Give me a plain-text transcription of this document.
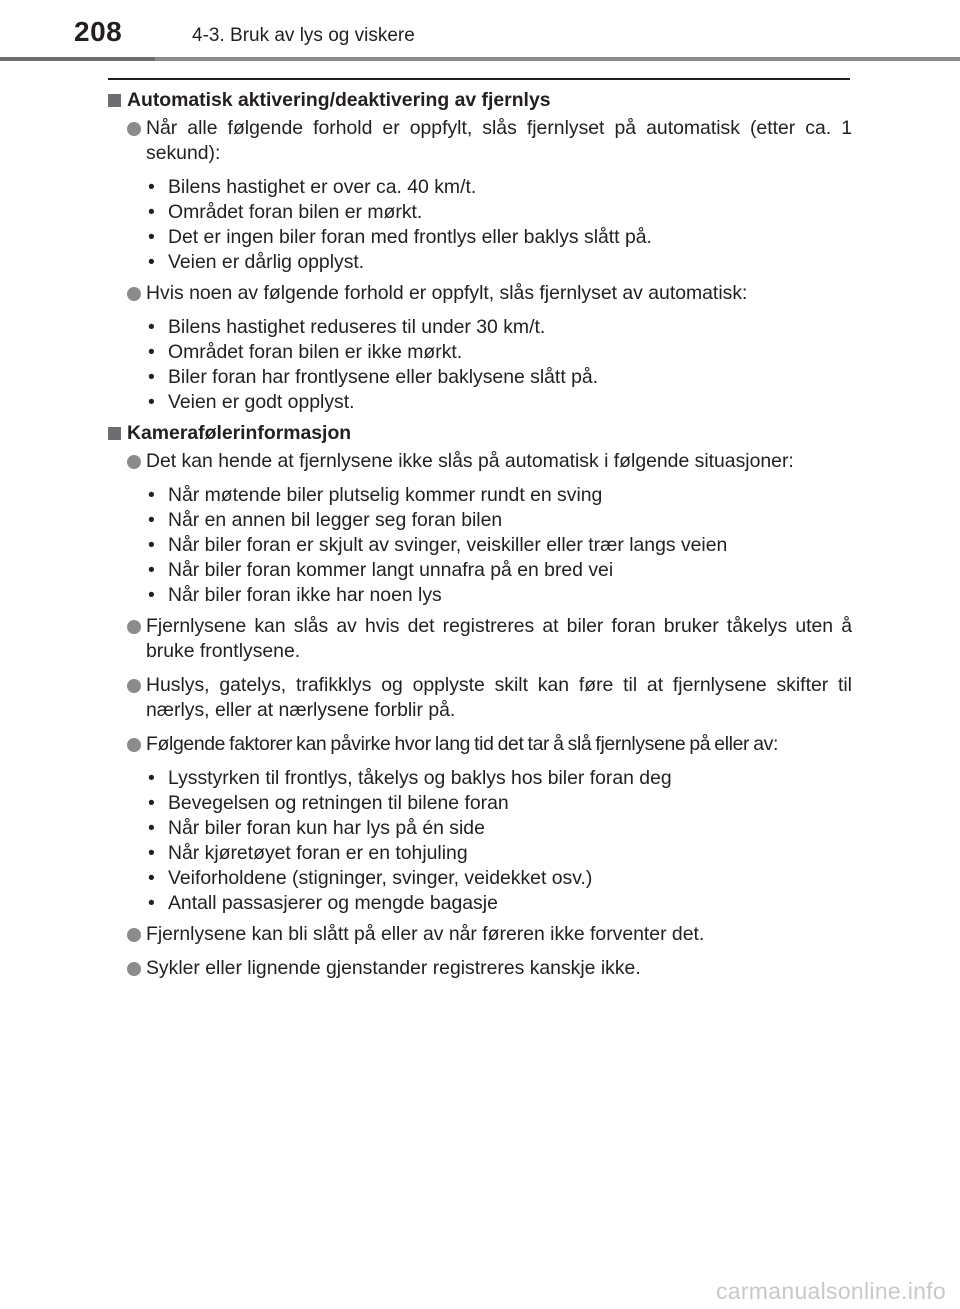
208	4-3. Bruk av lys og viskere
Automatisk aktivering/deaktivering av fjernlys
Når alle følgende forhold er oppfylt, slås fjernlyset på automatisk (etter ca. 1 sekund):
• Bilens hastighet er over ca. 40 km/t.
• Området foran bilen er mørkt.
• Det er ingen biler foran med frontlys eller baklys slått på.
• Veien er dårlig opplyst.
Hvis noen av følgende forhold er oppfylt, slås fjernlyset av automatisk:
• Bilens hastighet reduseres til under 30 km/t.
• Området foran bilen er ikke mørkt.
• Biler foran har frontlysene eller baklysene slått på.
• Veien er godt opplyst.
Kamerafølerinformasjon
Det kan hende at fjernlysene ikke slås på automatisk i følgende situasjoner:
• Når møtende biler plutselig kommer rundt en sving
• Når en annen bil legger seg foran bilen
• Når biler foran er skjult av svinger, veiskiller eller trær langs veien
• Når biler foran kommer langt unnafra på en bred vei
• Når biler foran ikke har noen lys
Fjernlysene kan slås av hvis det registreres at biler foran bruker tåkelys uten å bruke frontlysene.
Huslys, gatelys, trafikklys og opplyste skilt kan føre til at fjernlysene skifter til nærlys, eller at nærlysene forblir på.
Følgende faktorer kan påvirke hvor lang tid det tar å slå fjernlysene på eller av:
• Lysstyrken til frontlys, tåkelys og baklys hos biler foran deg
• Bevegelsen og retningen til bilene foran
• Når biler foran kun har lys på én side
• Når kjøretøyet foran er en tohjuling
• Veiforholdene (stigninger, svinger, veidekket osv.)
• Antall passasjerer og mengde bagasje
Fjernlysene kan bli slått på eller av når føreren ikke forventer det.
Sykler eller lignende gjenstander registreres kanskje ikke.
carmanualsonline.info
